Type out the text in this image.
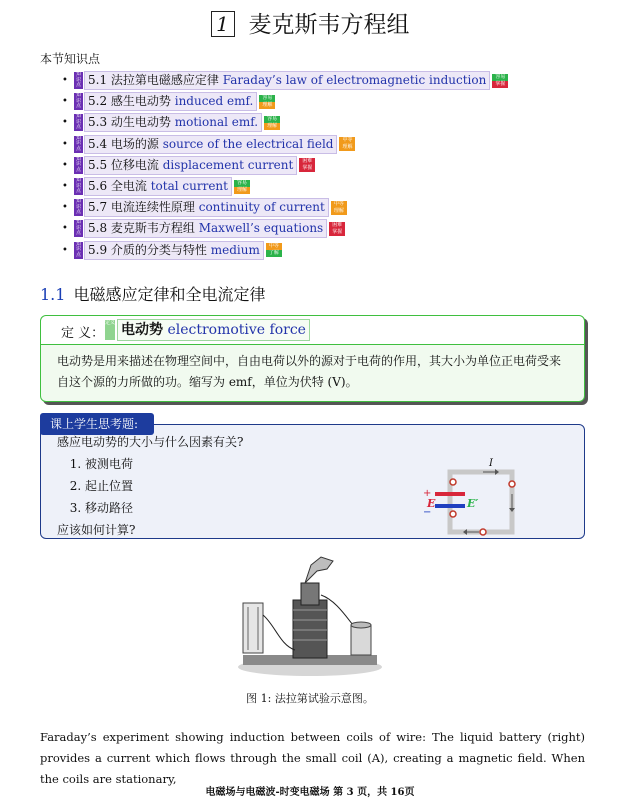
1 麦克斯韦方程组
本节知识点
•
知识点 5.1 法拉第电磁感应定律 Faraday’s law of electromagnetic induction	容易
掌握
•
知识点 5.2 感生电动势 induced emf.	容易
理解
•
知识点 5.3 动生电动势 motional emf.	容易
理解
•
知识点 5.4 电场的源 source of the electrical field	中等
理解
•
知识点 5.5 位移电流 displacement current	困难
掌握
•
知识点 5.6 全电流 total current	容易
理解
•
知识点 5.7 电流连续性原理 continuity of current	中等
理解
•
知识点 5.8 麦克斯韦方程组 Maxwell’s equations	困难
掌握
•
知识点 5.9 介质的分类与特性 medium	中等
了解
1.1 电磁感应定律和全电流定律
定 义：
定义 电动势 electromotive force
电动势是用来描述在物理空间中，自由电荷以外的源对于电荷的作用，其大小为单位正电荷受来自这个源的力所做的功。缩写为 emf，单位为伏特 (V)。
课上学生思考题:
感应电动势的大小与什么因素有关?
1. 被测电荷
2. 起止位置
3. 移动路径
应该如何计算?
I
+
−
E	E′
图 1: 法拉第试验示意图。
Faraday’s experiment showing induction between coils of wire: The liquid battery (right) provides a current which flows through the small coil (A), creating a magnetic field. When the coils are stationary,
电磁场与电磁波-时变电磁场 第 3 页，共 16页
